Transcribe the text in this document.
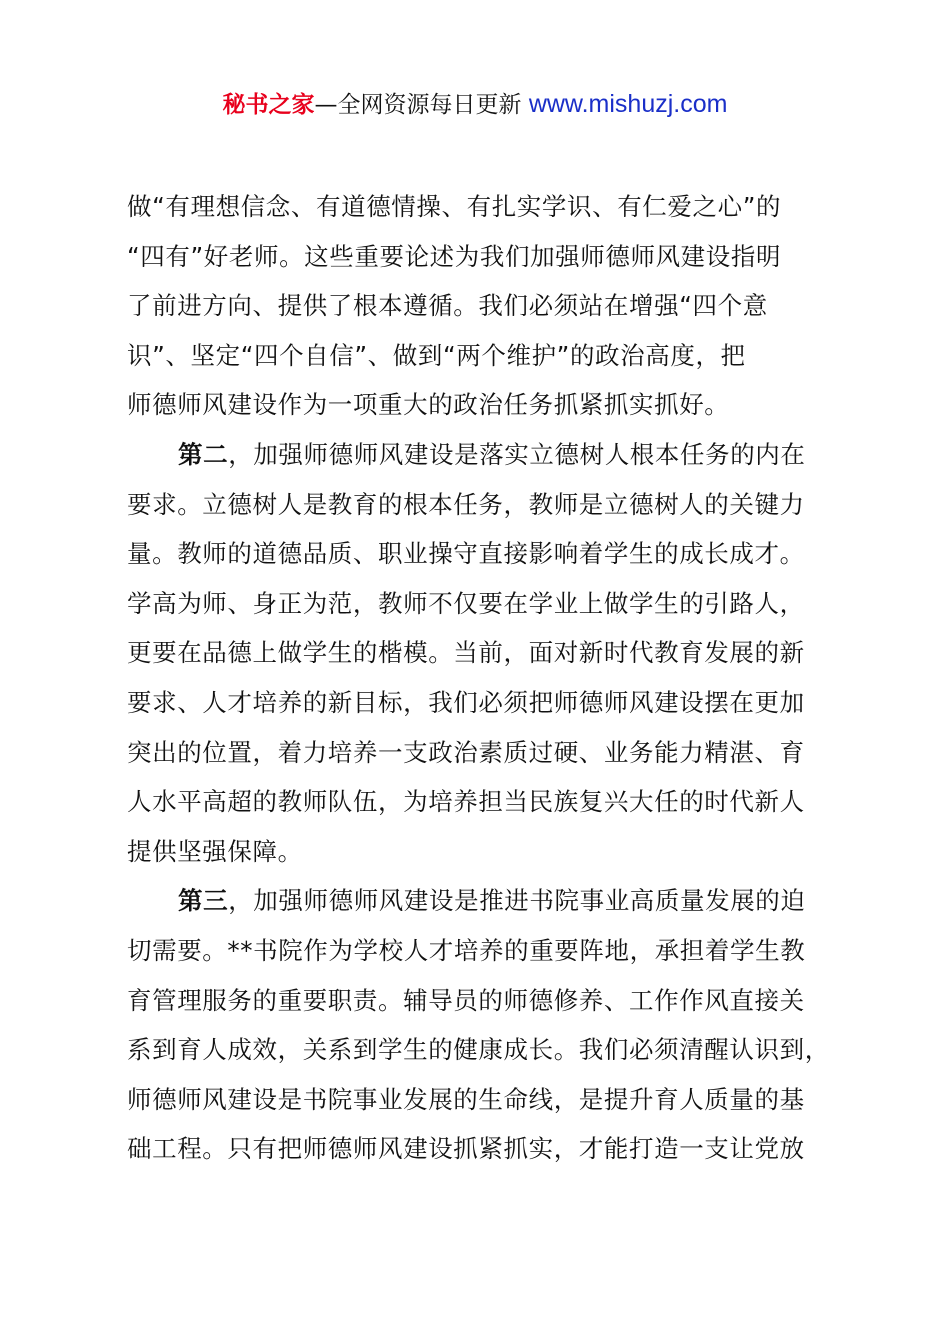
秘书之家—全网资源每日更新 www.mishuzj.com
做“有理想信念、有道德情操、有扎实学识、有仁爱之心”的
“四有”好老师。这些重要论述为我们加强师德师风建设指明
了前进方向、提供了根本遵循。我们必须站在增强“四个意
识”、坚定“四个自信”、做到“两个维护”的政治高度，把
师德师风建设作为一项重大的政治任务抓紧抓实抓好。
第二，加强师德师风建设是落实立德树人根本任务的内在
要求。立德树人是教育的根本任务，教师是立德树人的关键力
量。教师的道德品质、职业操守直接影响着学生的成长成才。
学高为师、身正为范，教师不仅要在学业上做学生的引路人，
更要在品德上做学生的楷模。当前，面对新时代教育发展的新
要求、人才培养的新目标，我们必须把师德师风建设摆在更加
突出的位置，着力培养一支政治素质过硬、业务能力精湛、育
人水平高超的教师队伍，为培养担当民族复兴大任的时代新人
提供坚强保障。
第三，加强师德师风建设是推进书院事业高质量发展的迫
切需要。**书院作为学校人才培养的重要阵地，承担着学生教
育管理服务的重要职责。辅导员的师德修养、工作作风直接关
系到育人成效，关系到学生的健康成长。我们必须清醒认识到，
师德师风建设是书院事业发展的生命线，是提升育人质量的基
础工程。只有把师德师风建设抓紧抓实，才能打造一支让党放
